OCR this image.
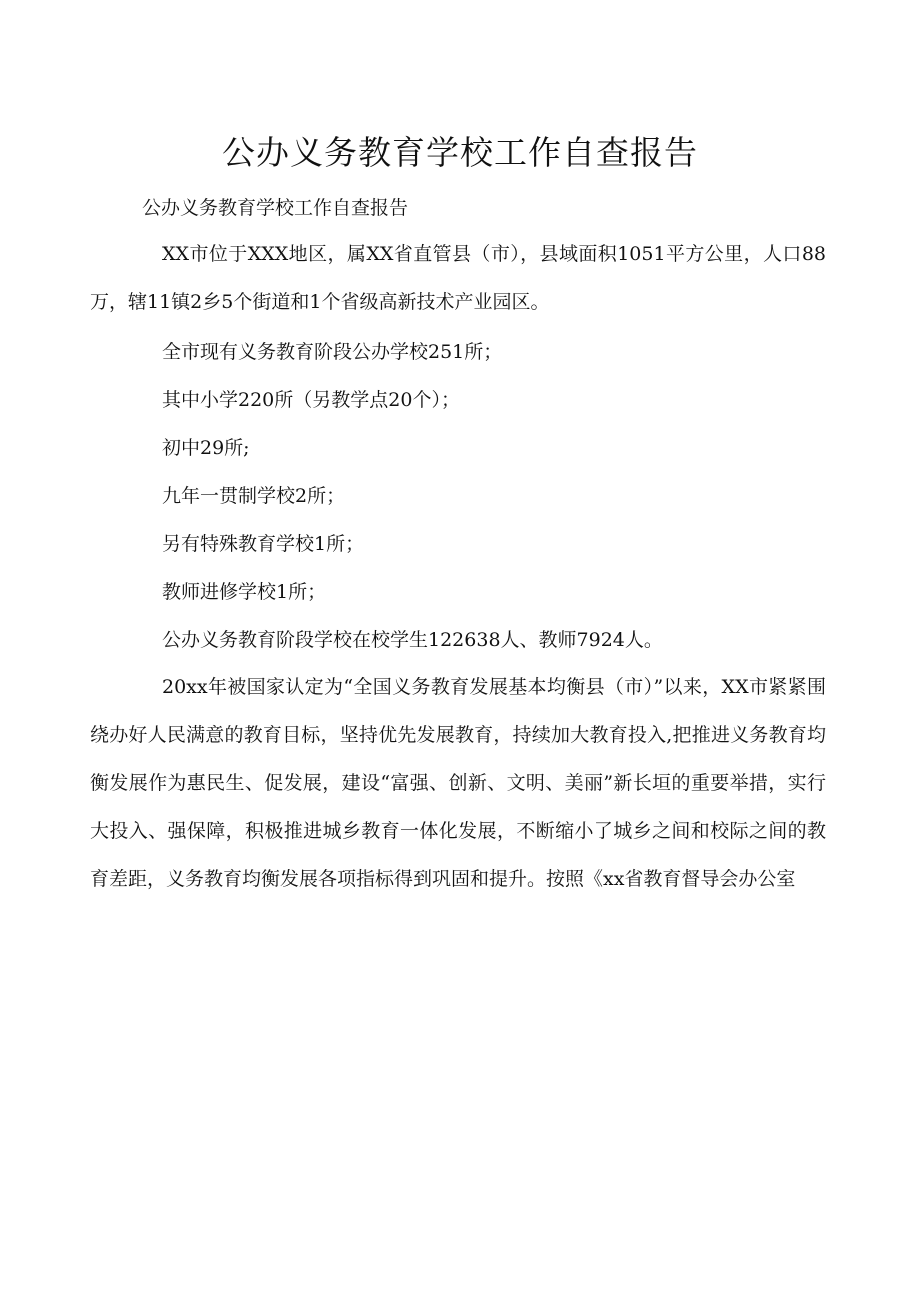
公办义务教育学校工作自查报告

公办义务教育学校工作自查报告

XX市位于XXX地区，属XX省直管县（市），县域面积1051平方公里，人口88万，辖11镇2乡5个街道和1个省级高新技术产业园区。

全市现有义务教育阶段公办学校251所；

其中小学220所（另教学点20个）；

初中29所;

九年一贯制学校2所；

另有特殊教育学校1所；

教师进修学校1所；

公办义务教育阶段学校在校学生122638人、教师7924人。

20xx年被国家认定为“全国义务教育发展基本均衡县（市）”以来，XX市紧紧围绕办好人民满意的教育目标，坚持优先发展教育，持续加大教育投入,把推进义务教育均衡发展作为惠民生、促发展，建设“富强、创新、文明、美丽”新长垣的重要举措，实行大投入、强保障，积极推进城乡教育一体化发展，不断缩小了城乡之间和校际之间的教育差距，义务教育均衡发展各项指标得到巩固和提升。按照《xx省教育督导会办公室
